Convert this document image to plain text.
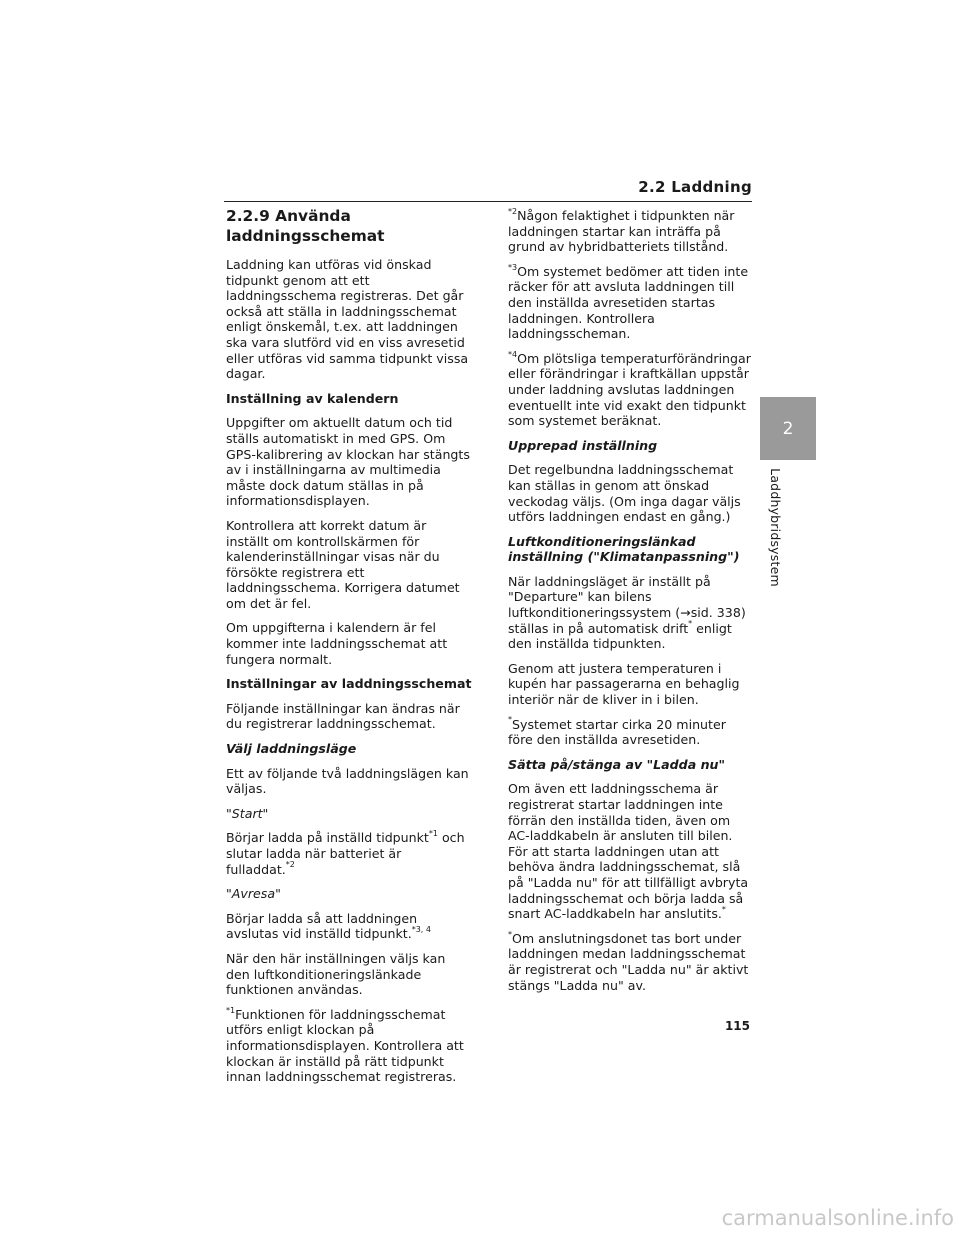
2.2 Laddning
2
Laddhybridsystem

2.2.9 Använda laddningsschemat

Laddning kan utföras vid önskad tidpunkt genom att ett laddningsschema registreras. Det går också att ställa in laddningsschemat enligt önskemål, t.ex. att laddningen ska vara slutförd vid en viss avresetid eller utföras vid samma tidpunkt vissa dagar.

Inställning av kalendern

Uppgifter om aktuellt datum och tid ställs automatiskt in med GPS. Om GPS-kalibrering av klockan har stängts av i inställningarna av multimedia måste dock datum ställas in på informationsdisplayen.

Kontrollera att korrekt datum är inställt om kontrollskärmen för kalenderinställningar visas när du försökte registrera ett laddningsschema. Korrigera datumet om det är fel.

Om uppgifterna i kalendern är fel kommer inte laddningsschemat att fungera normalt.

Inställningar av laddningsschemat

Följande inställningar kan ändras när du registrerar laddningsschemat.

Välj laddningsläge

Ett av följande två laddningslägen kan väljas.

"Start"

Börjar ladda på inställd tidpunkt$^{*1}$ och slutar ladda när batteriet är fulladdat.$^{*2}$

"Avresa"

Börjar ladda så att laddningen avslutas vid inställd tidpunkt.$^{*3, 4}$

När den här inställningen väljs kan den luftkonditioneringslänkade funktionen användas.

$^{*1}$Funktionen för laddningsschemat utförs enligt klockan på informationsdisplayen. Kontrollera att klockan är inställd på rätt tidpunkt innan laddningsschemat registreras.

$^{*2}$Någon felaktighet i tidpunkten när laddningen startar kan inträffa på grund av hybridbatteriets tillstånd.

$^{*3}$Om systemet bedömer att tiden inte räcker för att avsluta laddningen till den inställda avresetiden startas laddningen. Kontrollera laddningsscheman.

$^{*4}$Om plötsliga temperaturförändringar eller förändringar i kraftkällan uppstår under laddning avslutas laddningen eventuellt inte vid exakt den tidpunkt som systemet beräknat.

Upprepad inställning

Det regelbundna laddningsschemat kan ställas in genom att önskad veckodag väljs. (Om inga dagar väljs utförs laddningen endast en gång.)

Luftkonditioneringslänkad inställning ("Klimatanpassning")

När laddningsläget är inställt på "Departure" kan bilens luftkonditioneringssystem (→sid. 338) ställas in på automatisk drift* enligt den inställda tidpunkten.

Genom att justera temperaturen i kupén har passagerarna en behaglig interiör när de kliver in i bilen.

*Systemet startar cirka 20 minuter före den inställda avresetiden.

Sätta på/stänga av "Ladda nu"

Om även ett laddningsschema är registrerat startar laddningen inte förrän den inställda tiden, även om AC-laddkabeln är ansluten till bilen. För att starta laddningen utan att behöva ändra laddningsschemat, slå på "Ladda nu" för att tillfälligt avbryta laddningsschemat och börja ladda så snart AC-laddkabeln har anslutits.*

*Om anslutningsdonet tas bort under laddningen medan laddningsschemat är registrerat och "Ladda nu" är aktivt stängs "Ladda nu" av.

115
carmanualsonline.info
